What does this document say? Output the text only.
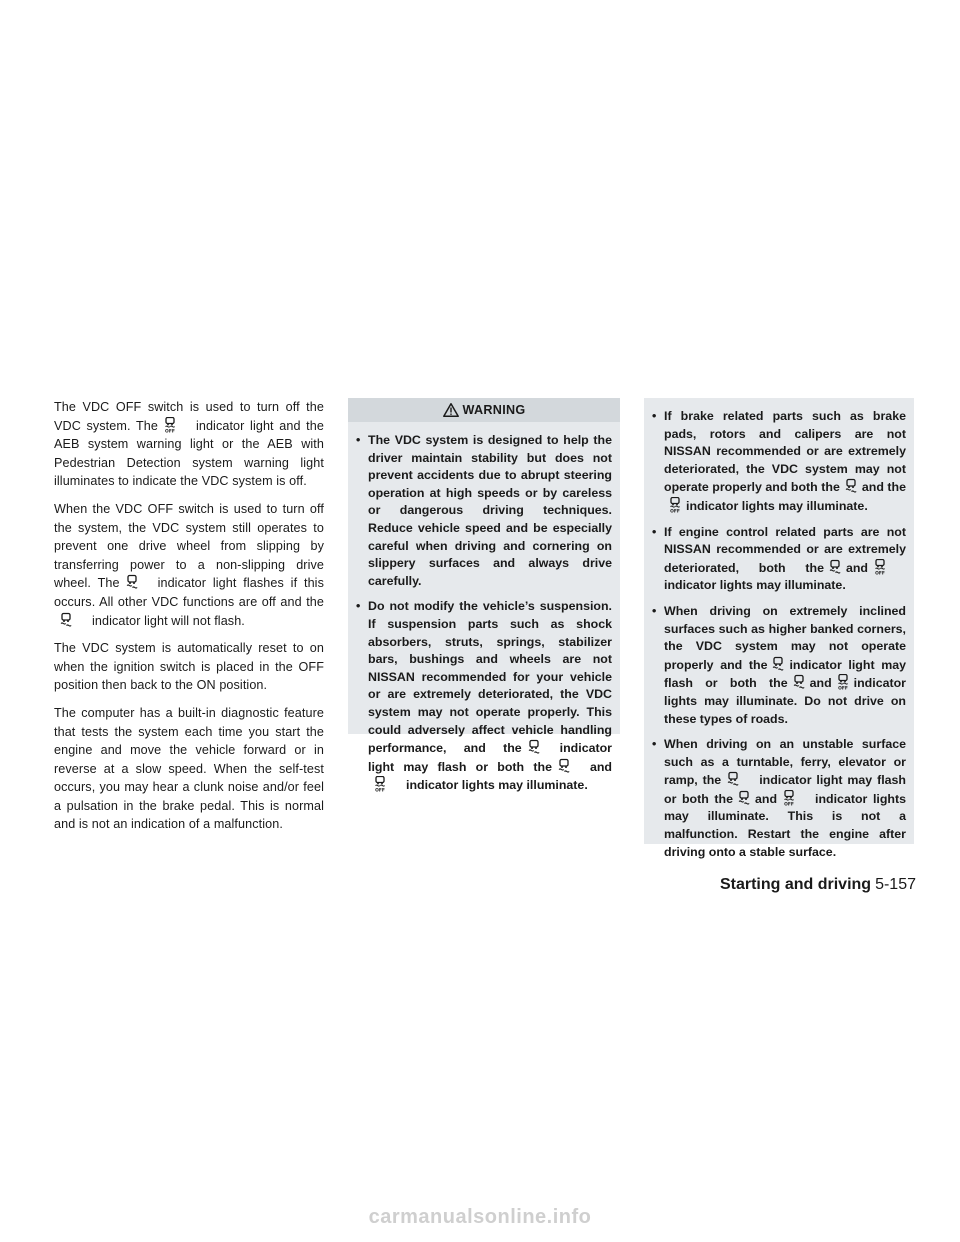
The VDC OFF switch is used to turn off the VDC system. The	indicator light and the AEB system warning light or the AEB with Pedestrian Detection system warning light illuminates to indicate the VDC system is off.

When the VDC OFF switch is used to turn off the system, the VDC system still operates to prevent one drive wheel from slipping by transferring power to a non-slipping drive wheel. The	indicator light flashes if this occurs. All other VDC functions are off and the
indicator light will not flash.

The VDC system is automatically reset to on when the ignition switch is placed in the OFF position then back to the ON position.

The computer has a built-in diagnostic feature that tests the system each time you start the engine and move the vehicle forward or in reverse at a slow speed. When the self-test occurs, you may hear a clunk noise and/or feel a pulsation in the brake pedal. This is normal and is not an indication of a malfunction.

WARNING
• The VDC system is designed to help the driver maintain stability but does not prevent accidents due to abrupt steering operation at high speeds or by careless or dangerous driving techniques. Reduce vehicle speed and be especially careful when driving and cornering on slippery surfaces and always drive carefully.
• Do not modify the vehicle’s suspension. If suspension parts such as shock absorbers, struts, springs, stabilizer bars, bushings and wheels are not NISSAN recommended for your vehicle or are extremely deteriorated, the VDC system may not operate properly. This could adversely affect vehicle handling performance, and the	indicator light may flash or both the	and
indicator lights may illuminate.
• If brake related parts such as brake pads, rotors and calipers are not NISSAN recommended or are extremely deteriorated, the VDC system may not operate properly and both the and the
indicator lights may illuminate.
• If engine control related parts are not NISSAN recommended or are extremely deteriorated, both the and
indicator lights may illuminate.
• When driving on extremely inclined surfaces such as higher banked corners, the VDC system may not operate properly and the indicator light may flash or both the and indicator lights may illuminate. Do not drive on these types of roads.
• When driving on an unstable surface such as a turntable, ferry, elevator or ramp, the	indicator light may flash or both the and	indicator lights may illuminate. This is not a malfunction. Restart the engine after driving onto a stable surface.
Starting and driving 5-157
carmanualsonline.info
